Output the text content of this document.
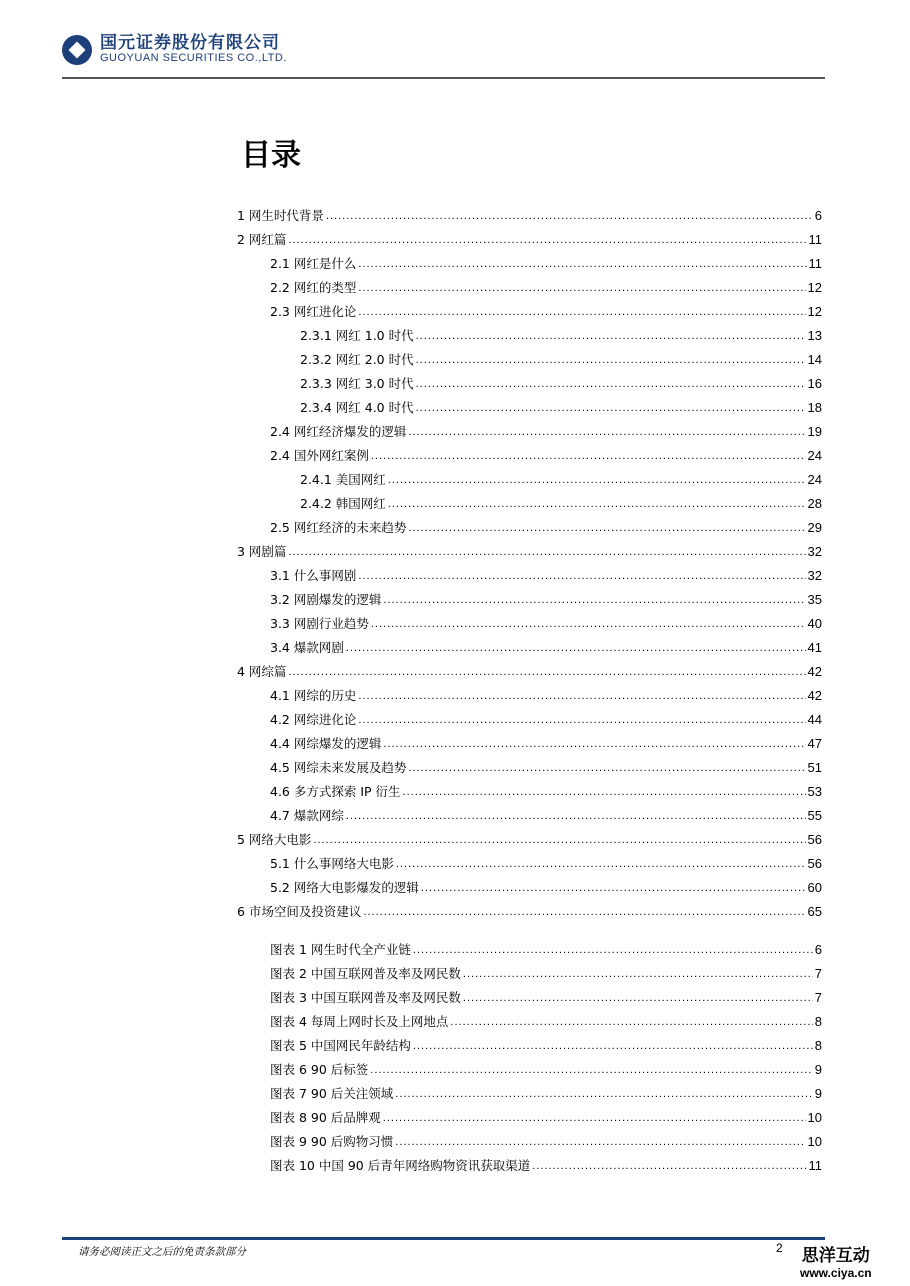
国元证券股份有限公司
GUOYUAN SECURITIES CO.,LTD.
目录
1 网生时代背景 .....	6
2 网红篇 .....	11
2.1 网红是什么 .....	11
2.2 网红的类型 .....	12
2.3 网红进化论 .....	12
2.3.1 网红 1.0 时代 .....	13
2.3.2 网红 2.0 时代 .....	14
2.3.3 网红 3.0 时代 .....	16
2.3.4 网红 4.0 时代 .....	18
2.4 网红经济爆发的逻辑 .....	19
2.4 国外网红案例 .....	24
2.4.1 美国网红 .....	24
2.4.2 韩国网红 .....	28
2.5 网红经济的未来趋势 .....	29
3 网剧篇 .....	32
3.1 什么事网剧 .....	32
3.2 网剧爆发的逻辑 .....	35
3.3 网剧行业趋势 .....	40
3.4 爆款网剧 .....	41
4 网综篇 .....	42
4.1 网综的历史 .....	42
4.2 网综进化论 .....	44
4.4 网综爆发的逻辑 .....	47
4.5 网综未来发展及趋势 .....	51
4.6 多方式探索 IP 衍生 .....	53
4.7 爆款网综 .....	55
5 网络大电影 .....	56
5.1 什么事网络大电影 .....	56
5.2 网络大电影爆发的逻辑 .....	60
6 市场空间及投资建议 .....	65
图表 1 网生时代全产业链 .....	6
图表 2 中国互联网普及率及网民数 .....	7
图表 3 中国互联网普及率及网民数 .....	7
图表 4 每周上网时长及上网地点 .....	8
图表 5 中国网民年龄结构 .....	8
图表 6 90 后标签 .....	9
图表 7 90 后关注领域 .....	9
图表 8 90 后品牌观 .....	10
图表 9 90 后购物习惯 .....	10
图表 10 中国 90 后青年网络购物资讯获取渠道 .....	11
请务必阅读正文之后的免责条款部分	2 思洋互动
www.ciya.cn
